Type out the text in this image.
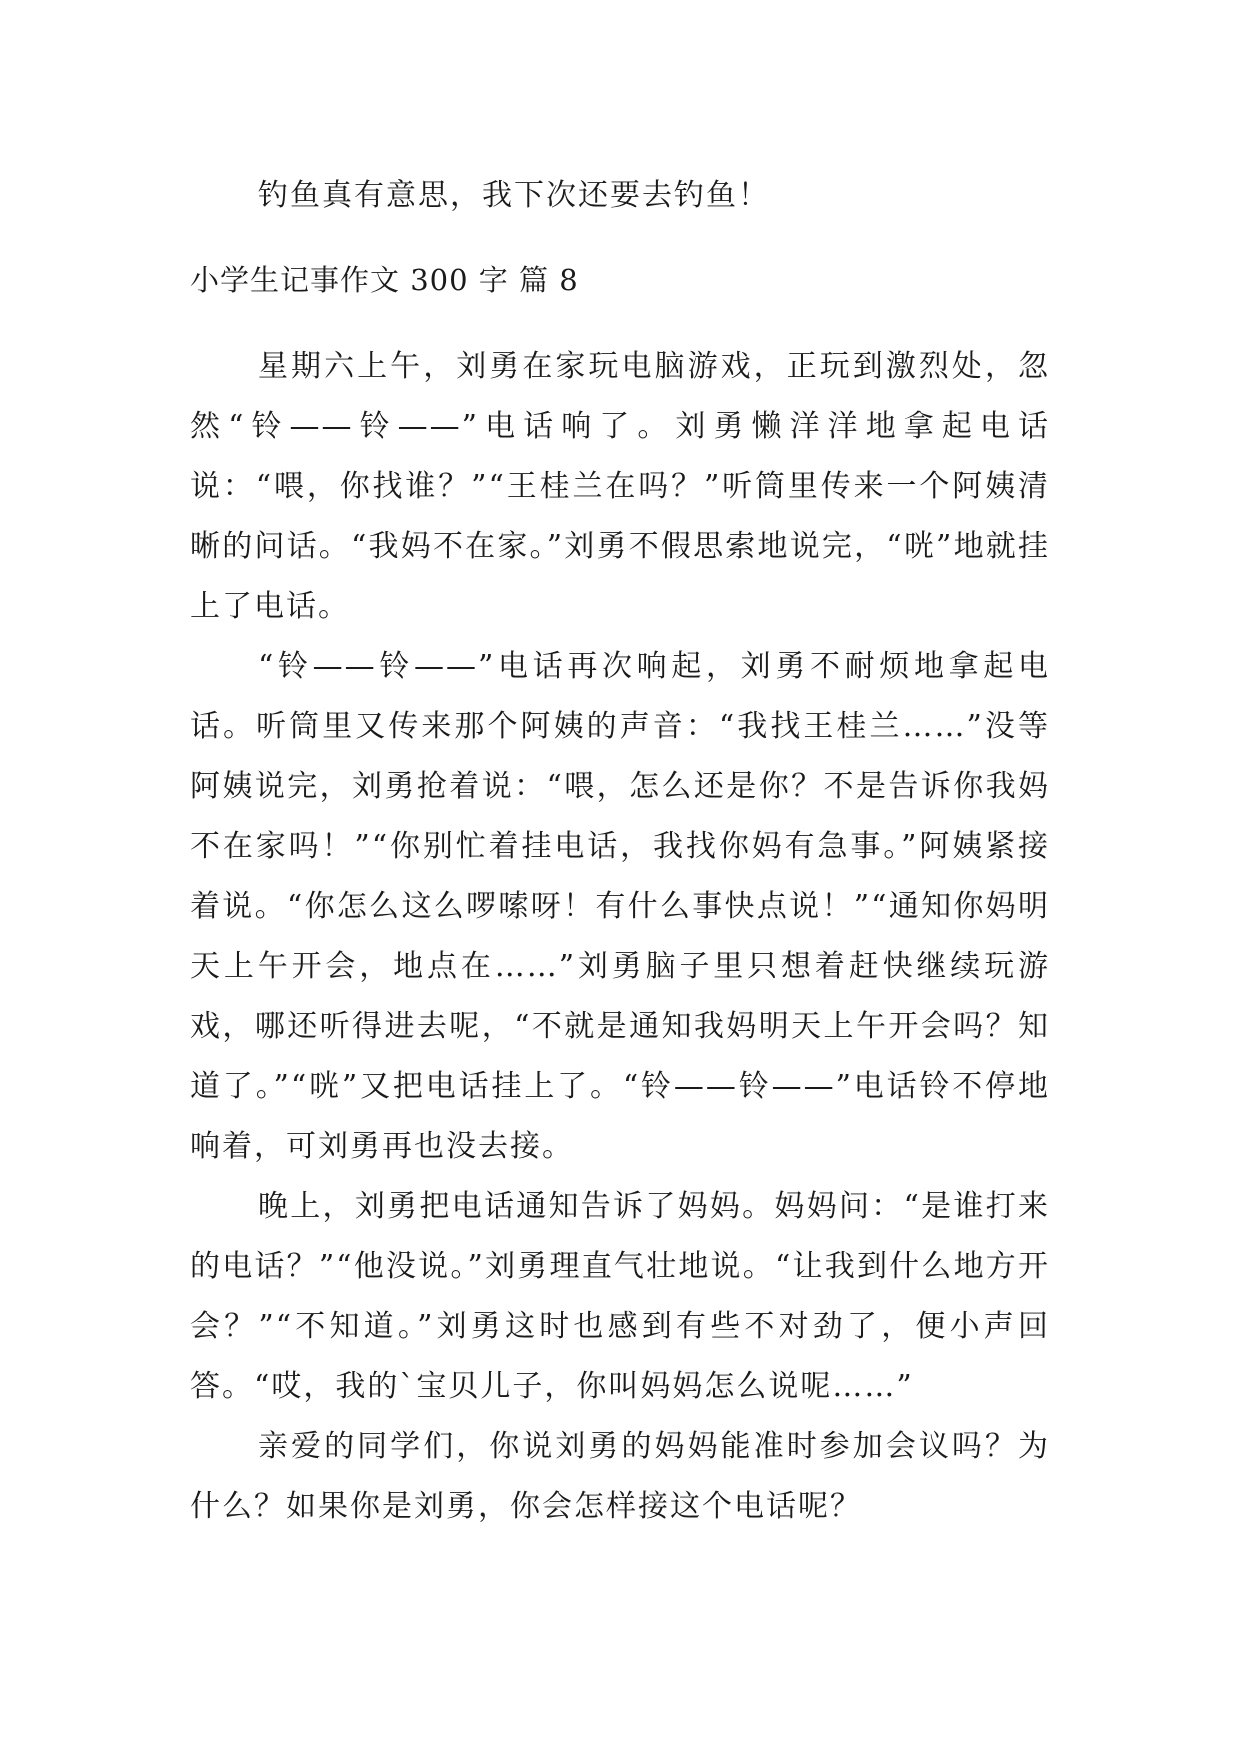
钓鱼真有意思，我下次还要去钓鱼！
小学生记事作文 300 字 篇 8

星期六上午，刘勇在家玩电脑游戏，正玩到激烈处，忽然“铃——铃——”电话响了。刘勇懒洋洋地拿起电话说：“喂，你找谁？”“王桂兰在吗？”听筒里传来一个阿姨清晰的问话。“我妈不在家。”刘勇不假思索地说完，“咣”地就挂上了电话。

“铃——铃——”电话再次响起，刘勇不耐烦地拿起电话。听筒里又传来那个阿姨的声音：“我找王桂兰……”没等阿姨说完，刘勇抢着说：“喂，怎么还是你？不是告诉你我妈不在家吗！”“你别忙着挂电话，我找你妈有急事。”阿姨紧接着说。“你怎么这么啰嗦呀！有什么事快点说！”“通知你妈明天上午开会，地点在……”刘勇脑子里只想着赶快继续玩游戏，哪还听得进去呢，“不就是通知我妈明天上午开会吗？知道了。”“咣”又把电话挂上了。“铃——铃——”电话铃不停地响着，可刘勇再也没去接。

晚上，刘勇把电话通知告诉了妈妈。妈妈问：“是谁打来的电话？”“他没说。”刘勇理直气壮地说。“让我到什么地方开会？”“不知道。”刘勇这时也感到有些不对劲了，便小声回答。“哎，我的`宝贝儿子，你叫妈妈怎么说呢……”

亲爱的同学们，你说刘勇的妈妈能准时参加会议吗？为什么？如果你是刘勇，你会怎样接这个电话呢？
